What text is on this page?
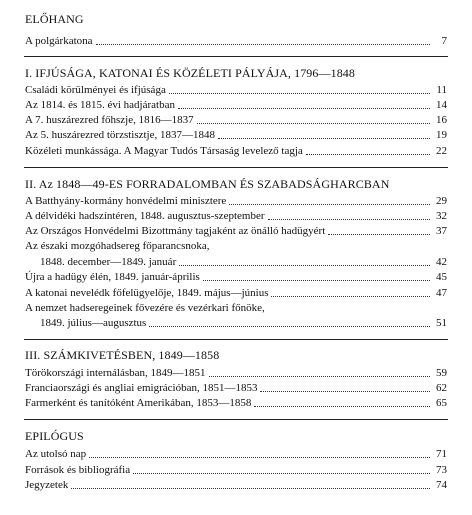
ELŐHANG
A polgárkatona	7
I. IFJÚSÁGA, KATONAI ÉS KÖZÉLETI PÁLYÁJA, 1796—1848
Családi körülményei és ifjúsága	11
Az 1814. és 1815. évi hadjáratban	14
A 7. huszárezred főhszje, 1816—1837	16
Az 5. huszárezred törzstisztje, 1837—1848	19
Közéleti munkássága. A Magyar Tudós Társaság levelező tagja	22
II. Az 1848—49-ES FORRADALOMBAN ÉS SZABADSÁGHARCBAN
A Batthyány-kormány honvédelmi minisztere	29
A délvidéki hadszíntéren, 1848. augusztus-szeptember	32
Az Országos Honvédelmi Bizottmány tagjaként az önálló hadügyért	37
Az északi mozgóhadsereg főparancsnoka,
1848. december—1849. január	42
Újra a hadügy élén, 1849. január-április	45
A katonai nevelédk főfelügyelője, 1849. május—június	47
A nemzet hadseregeinek fővezére és vezérkari főnöke,
1849. július—augusztus	51
III. SZÁMKIVETÉSBEN, 1849—1858
Törökországi internálásban, 1849—1851	59
Franciaországi és angliai emigrációban, 1851—1853	62
Farmerként és tanítóként Amerikában, 1853—1858	65
EPILÓGUS
Az utolsó nap	71
Források és bibliográfia	73
Jegyzetek	74
